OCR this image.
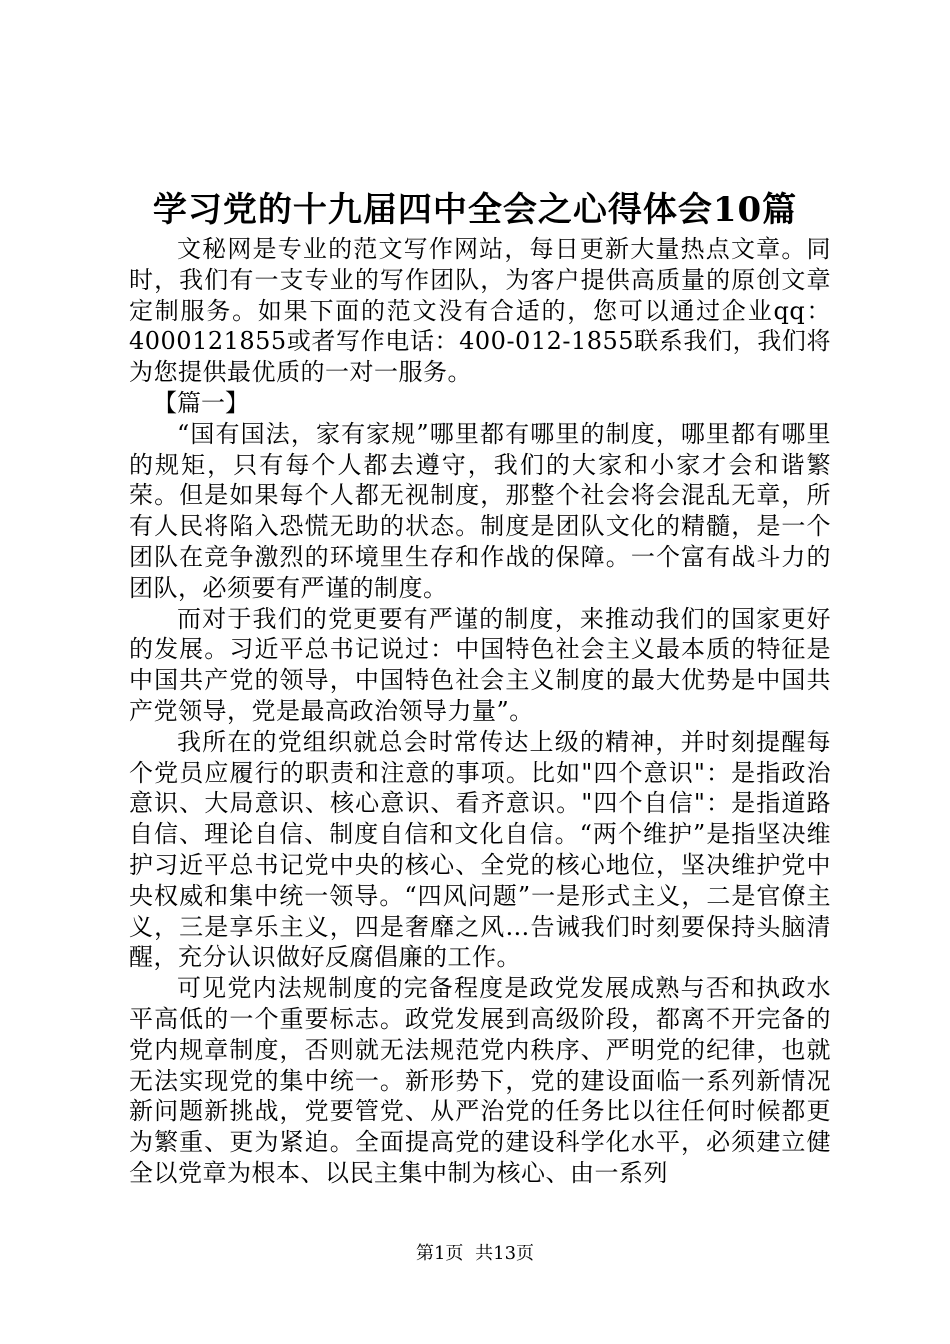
学习党的十九届四中全会之心得体会10篇

文秘网是专业的范文写作网站，每日更新大量热点文章。同时，我们有一支专业的写作团队，为客户提供高质量的原创文章定制服务。如果下面的范文没有合适的，您可以通过企业qq：4000121855或者写作电话：400-012-1855联系我们，我们将为您提供最优质的一对一服务。

【篇一】

“国有国法，家有家规”哪里都有哪里的制度，哪里都有哪里的规矩，只有每个人都去遵守，我们的大家和小家才会和谐繁荣。但是如果每个人都无视制度，那整个社会将会混乱无章，所有人民将陷入恐慌无助的状态。制度是团队文化的精髓，是一个团队在竞争激烈的环境里生存和作战的保障。一个富有战斗力的团队，必须要有严谨的制度。

而对于我们的党更要有严谨的制度，来推动我们的国家更好的发展。习近平总书记说过：中国特色社会主义最本质的特征是中国共产党的领导，中国特色社会主义制度的最大优势是中国共产党领导，党是最高政治领导力量”。

我所在的党组织就总会时常传达上级的精神，并时刻提醒每个党员应履行的职责和注意的事项。比如"四个意识"：是指政治意识、大局意识、核心意识、看齐意识。"四个自信"：是指道路自信、理论自信、制度自信和文化自信。“两个维护”是指坚决维护习近平总书记党中央的核心、全党的核心地位，坚决维护党中央权威和集中统一领导。“四风问题”一是形式主义，二是官僚主义，三是享乐主义，四是奢靡之风…告诫我们时刻要保持头脑清醒，充分认识做好反腐倡廉的工作。

可见党内法规制度的完备程度是政党发展成熟与否和执政水平高低的一个重要标志。政党发展到高级阶段，都离不开完备的党内规章制度，否则就无法规范党内秩序、严明党的纪律，也就无法实现党的集中统一。新形势下，党的建设面临一系列新情况新问题新挑战，党要管党、从严治党的任务比以往任何时候都更为繁重、更为紧迫。全面提高党的建设科学化水平，必须建立健全以党章为根本、以民主集中制为核心、由一系列

第1页 共13页
